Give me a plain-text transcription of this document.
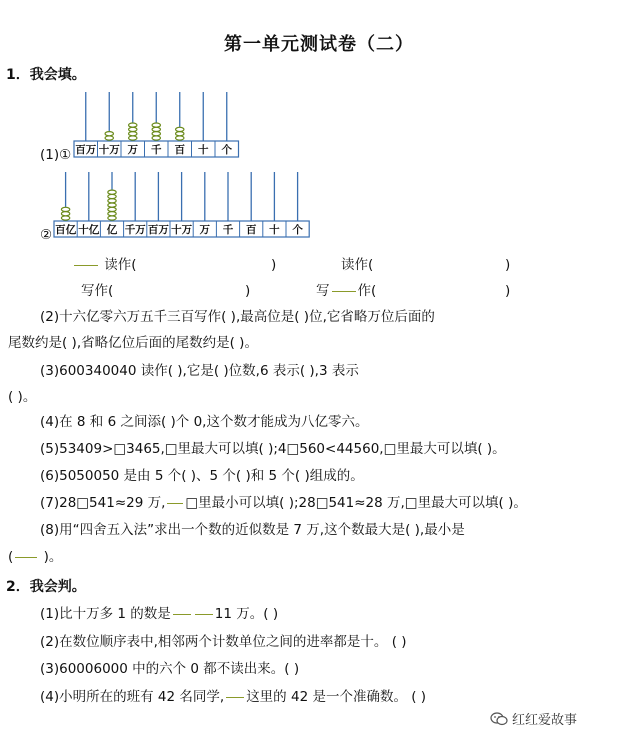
第一单元测试卷（二）
1．我会填。
百万 十万 万 千 百 十 个
百亿 十亿 亿 千万 百万 十万 万 千 百 十 个
(1)①
②
读作(	)	读作(	)
写作(	)	写 作(	)
(2)十六亿零六万五千三百写作( ),最高位是( )位,它省略万位后面的
尾数约是( ),省略亿位后面的尾数约是( )。
(3)600340040 读作( ),它是( )位数,6 表示( ),3 表示
( )。
(4)在 8 和 6 之间添( )个 0,这个数才能成为八亿零六。
(5)53409>□3465,□里最大可以填( );4□560<44560,□里最大可以填( )。
(6)5050050 是由 5 个( )、5 个( )和 5 个( )组成的。
(7)28□541≈29 万, □里最小可以填( );28□541≈28 万,□里最大可以填( )。
(8)用“四舍五入法”求出一个数的近似数是 7 万,这个数最大是( ),最小是
( )。
2．我会判。
(1)比十万多 1 的数是	11 万。( )
(2)在数位顺序表中,相邻两个计数单位之间的进率都是十。 ( )
(3)60006000 中的六个 0 都不读出来。( )
(4)小明所在的班有 42 名同学, 这里的 42 是一个准确数。 ( )
红红爱故事
